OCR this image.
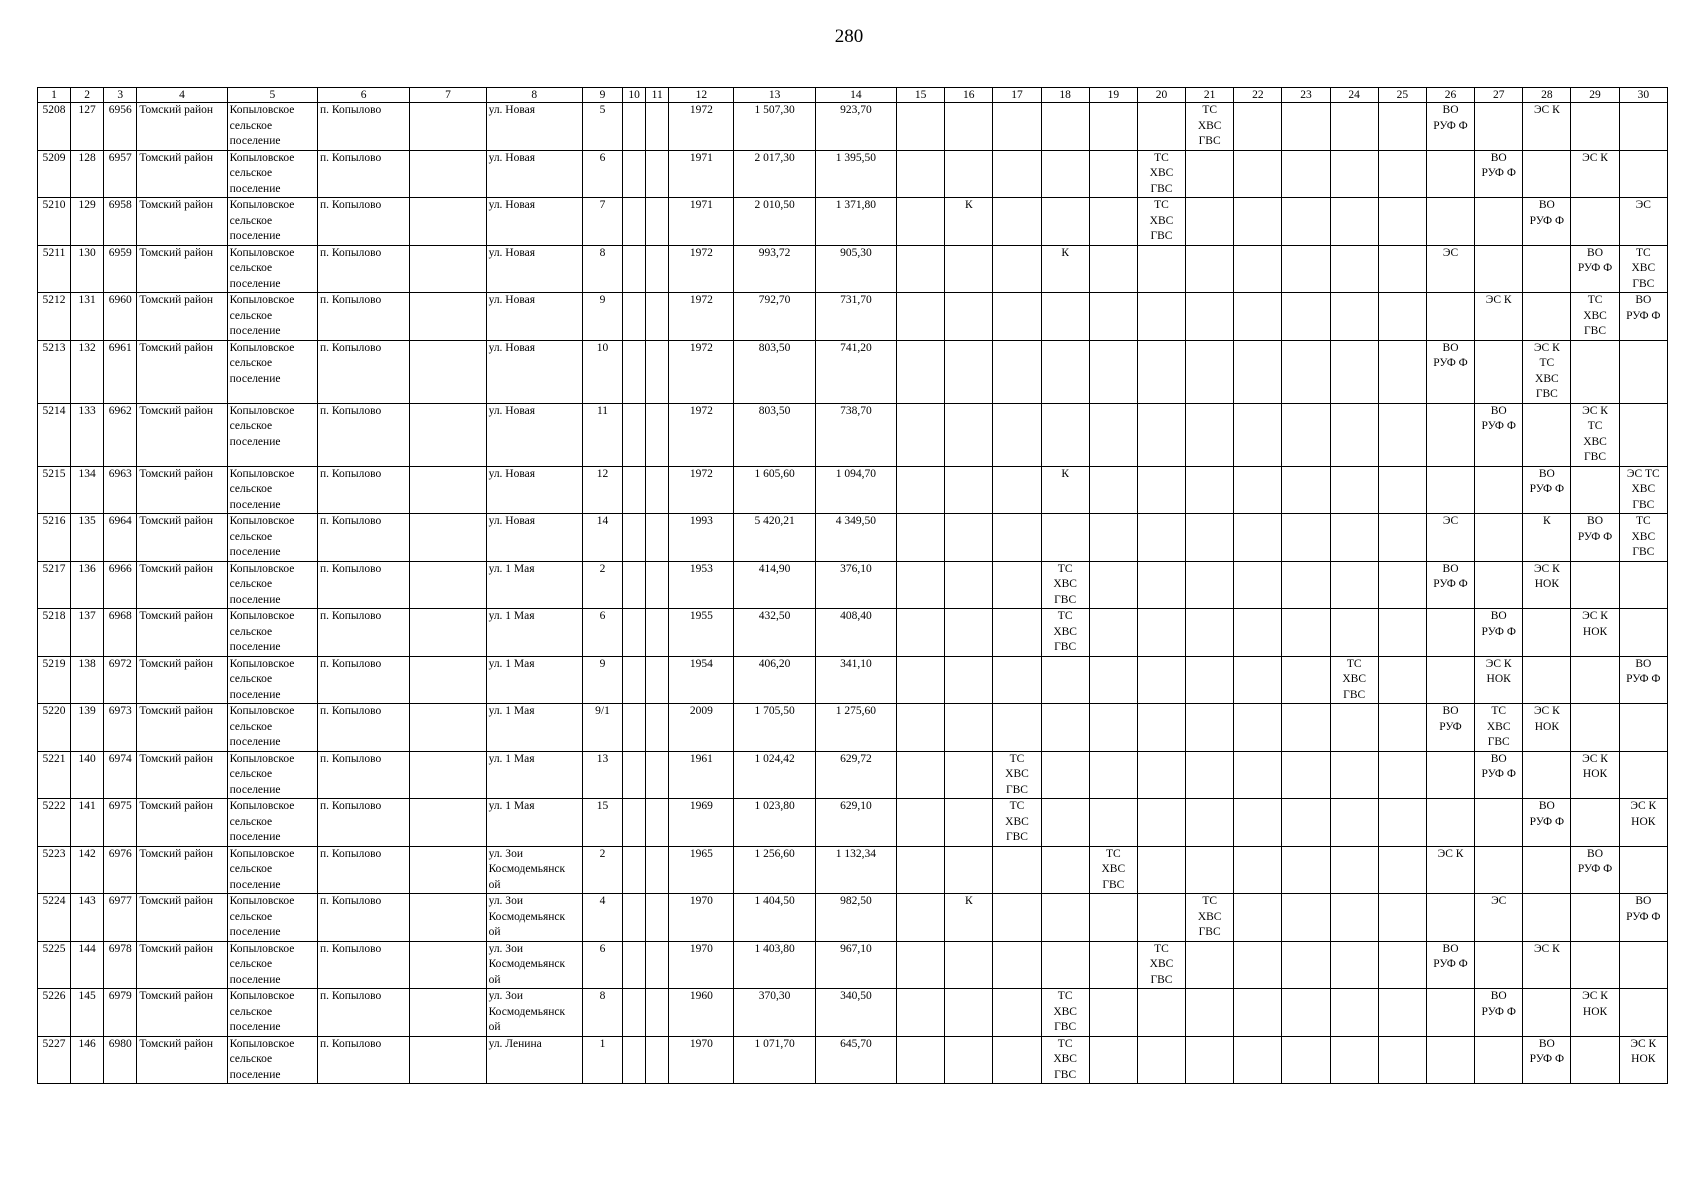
280
1	2	3	4	5	6	7	8	9	10	11	12	13	14	15	16	17	18	19	20	21	22	23	24	25	26	27	28	29	30
5208	127	6956	Томский район	Копыловское
сельское
поселение	п. Копылово		ул. Новая	5			1972	1 507,30	923,70							ТС
ХВС
ГВС					ВО
РУФ Ф		ЭС К		

5209	128	6957	Томский район	Копыловское
сельское
поселение	п. Копылово		ул. Новая	6			1971	2 017,30	1 395,50						ТС
ХВС
ГВС							ВО
РУФ Ф		ЭС К	

5210	129	6958	Томский район	Копыловское
сельское
поселение	п. Копылово		ул. Новая	7			1971	2 010,50	1 371,80		К				ТС
ХВС
ГВС								ВО
РУФ Ф		ЭС

5211	130	6959	Томский район	Копыловское
сельское
поселение	п. Копылово		ул. Новая	8			1972	993,72	905,30				К								ЭС			ВО
РУФ Ф	ТС
ХВС
ГВС

5212	131	6960	Томский район	Копыловское
сельское
поселение	п. Копылово		ул. Новая	9			1972	792,70	731,70													ЭС К		ТС
ХВС
ГВС	ВО
РУФ Ф

5213	132	6961	Томский район	Копыловское
сельское
поселение	п. Копылово		ул. Новая	10			1972	803,50	741,20												ВО
РУФ Ф		ЭС К
ТС
ХВС
ГВС		

5214	133	6962	Томский район	Копыловское
сельское
поселение	п. Копылово		ул. Новая	11			1972	803,50	738,70													ВО
РУФ Ф		ЭС К
ТС
ХВС
ГВС	

5215	134	6963	Томский район	Копыловское
сельское
поселение	п. Копылово		ул. Новая	12			1972	1 605,60	1 094,70				К										ВО
РУФ Ф		ЭС ТС
ХВС
ГВС

5216	135	6964	Томский район	Копыловское
сельское
поселение	п. Копылово		ул. Новая	14			1993	5 420,21	4 349,50												ЭС		К	ВО
РУФ Ф	ТС
ХВС
ГВС

5217	136	6966	Томский район	Копыловское
сельское
поселение	п. Копылово		ул. 1 Мая	2			1953	414,90	376,10				ТС
ХВС
ГВС								ВО
РУФ Ф		ЭС К
НОК		

5218	137	6968	Томский район	Копыловское
сельское
поселение	п. Копылово		ул. 1 Мая	6			1955	432,50	408,40				ТС
ХВС
ГВС									ВО
РУФ Ф		ЭС К
НОК	

5219	138	6972	Томский район	Копыловское
сельское
поселение	п. Копылово		ул. 1 Мая	9			1954	406,20	341,10										ТС
ХВС
ГВС			ЭС К
НОК			ВО
РУФ Ф

5220	139	6973	Томский район	Копыловское
сельское
поселение	п. Копылово		ул. 1 Мая	9/1			2009	1 705,50	1 275,60												ВО
РУФ	ТС
ХВС
ГВС	ЭС К
НОК		

5221	140	6974	Томский район	Копыловское
сельское
поселение	п. Копылово		ул. 1 Мая	13			1961	1 024,42	629,72			ТС
ХВС
ГВС										ВО
РУФ Ф		ЭС К
НОК	

5222	141	6975	Томский район	Копыловское
сельское
поселение	п. Копылово		ул. 1 Мая	15			1969	1 023,80	629,10			ТС
ХВС
ГВС											ВО
РУФ Ф		ЭС К
НОК

5223	142	6976	Томский район	Копыловское
сельское
поселение	п. Копылово		ул. Зои
Космодемьянск
ой	2			1965	1 256,60	1 132,34					ТС
ХВС
ГВС							ЭС К			ВО
РУФ Ф	

5224	143	6977	Томский район	Копыловское
сельское
поселение	п. Копылово		ул. Зои
Космодемьянск
ой	4			1970	1 404,50	982,50		К					ТС
ХВС
ГВС						ЭС			ВО
РУФ Ф

5225	144	6978	Томский район	Копыловское
сельское
поселение	п. Копылово		ул. Зои
Космодемьянск
ой	6			1970	1 403,80	967,10						ТС
ХВС
ГВС						ВО
РУФ Ф		ЭС К		

5226	145	6979	Томский район	Копыловское
сельское
поселение	п. Копылово		ул. Зои
Космодемьянск
ой	8			1960	370,30	340,50				ТС
ХВС
ГВС									ВО
РУФ Ф		ЭС К
НОК	

5227	146	6980	Томский район	Копыловское
сельское
поселение	п. Копылово		ул. Ленина	1			1970	1 071,70	645,70				ТС
ХВС
ГВС										ВО
РУФ Ф		ЭС К
НОК
